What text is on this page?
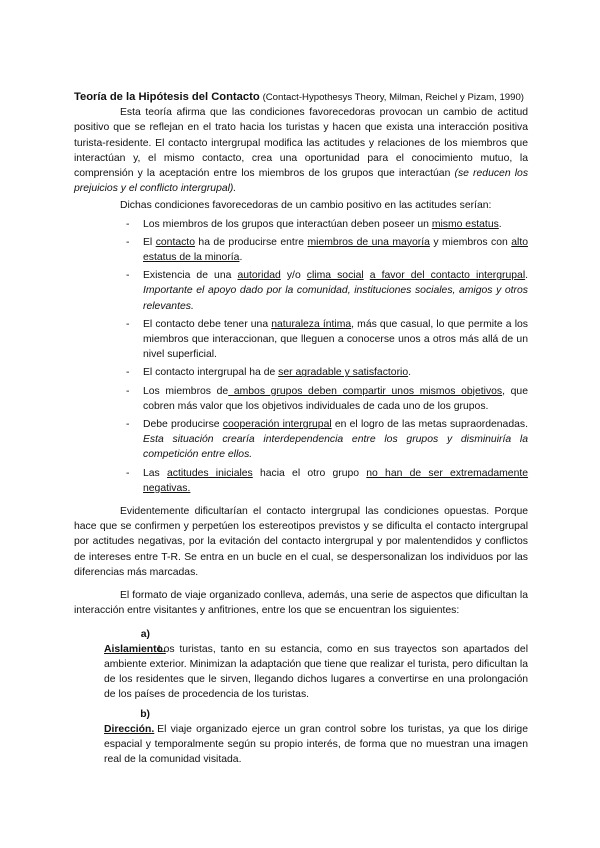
Teoría de la Hipótesis del Contacto (Contact-Hypothesys Theory, Milman, Reichel y Pizam, 1990)

Esta teoría afirma que las condiciones favorecedoras provocan un cambio de actitud positivo que se reflejan en el trato hacia los turistas y hacen que exista una interacción positiva turista-residente. El contacto intergrupal modifica las actitudes y relaciones de los miembros que interactúan y, el mismo contacto, crea una oportunidad para el conocimiento mutuo, la comprensión y la aceptación entre los miembros de los grupos que interactúan (se reducen los prejuicios y el conflicto intergrupal).

Dichas condiciones favorecedoras de un cambio positivo en las actitudes serían:

- Los miembros de los grupos que interactúan deben poseer un mismo estatus.
- El contacto ha de producirse entre miembros de una mayoría y miembros con alto estatus de la minoría.
- Existencia de una autoridad y/o clima social a favor del contacto intergrupal. Importante el apoyo dado por la comunidad, instituciones sociales, amigos y otros relevantes.
- El contacto debe tener una naturaleza íntima, más que casual, lo que permite a los miembros que interaccionan, que lleguen a conocerse unos a otros más allá de un nivel superficial.
- El contacto intergrupal ha de ser agradable y satisfactorio.
- Los miembros de ambos grupos deben compartir unos mismos objetivos, que cobren más valor que los objetivos individuales de cada uno de los grupos.
- Debe producirse cooperación intergrupal en el logro de las metas supraordenadas. Esta situación crearía interdependencia entre los grupos y disminuiría la competición entre ellos.
- Las actitudes iniciales hacia el otro grupo no han de ser extremadamente negativas.

Evidentemente dificultarían el contacto intergrupal las condiciones opuestas. Porque hace que se confirmen y perpetúen los estereotipos previstos y se dificulta el contacto intergrupal por actitudes negativas, por la evitación del contacto intergrupal y por malentendidos y conflictos de intereses entre T-R. Se entra en un bucle en el cual, se despersonalizan los individuos por las diferencias más marcadas.

El formato de viaje organizado conlleva, además, una serie de aspectos que dificultan la interacción entre visitantes y anfitriones, entre los que se encuentran los siguientes:

a) Aislamiento. Los turistas, tanto en su estancia, como en sus trayectos son apartados del ambiente exterior. Minimizan la adaptación que tiene que realizar el turista, pero dificultan la de los residentes que le sirven, llegando dichos lugares a convertirse en una prolongación de los países de procedencia de los turistas.

b) Dirección. El viaje organizado ejerce un gran control sobre los turistas, ya que los dirige espacial y temporalmente según su propio interés, de forma que no muestran una imagen real de la comunidad visitada.
